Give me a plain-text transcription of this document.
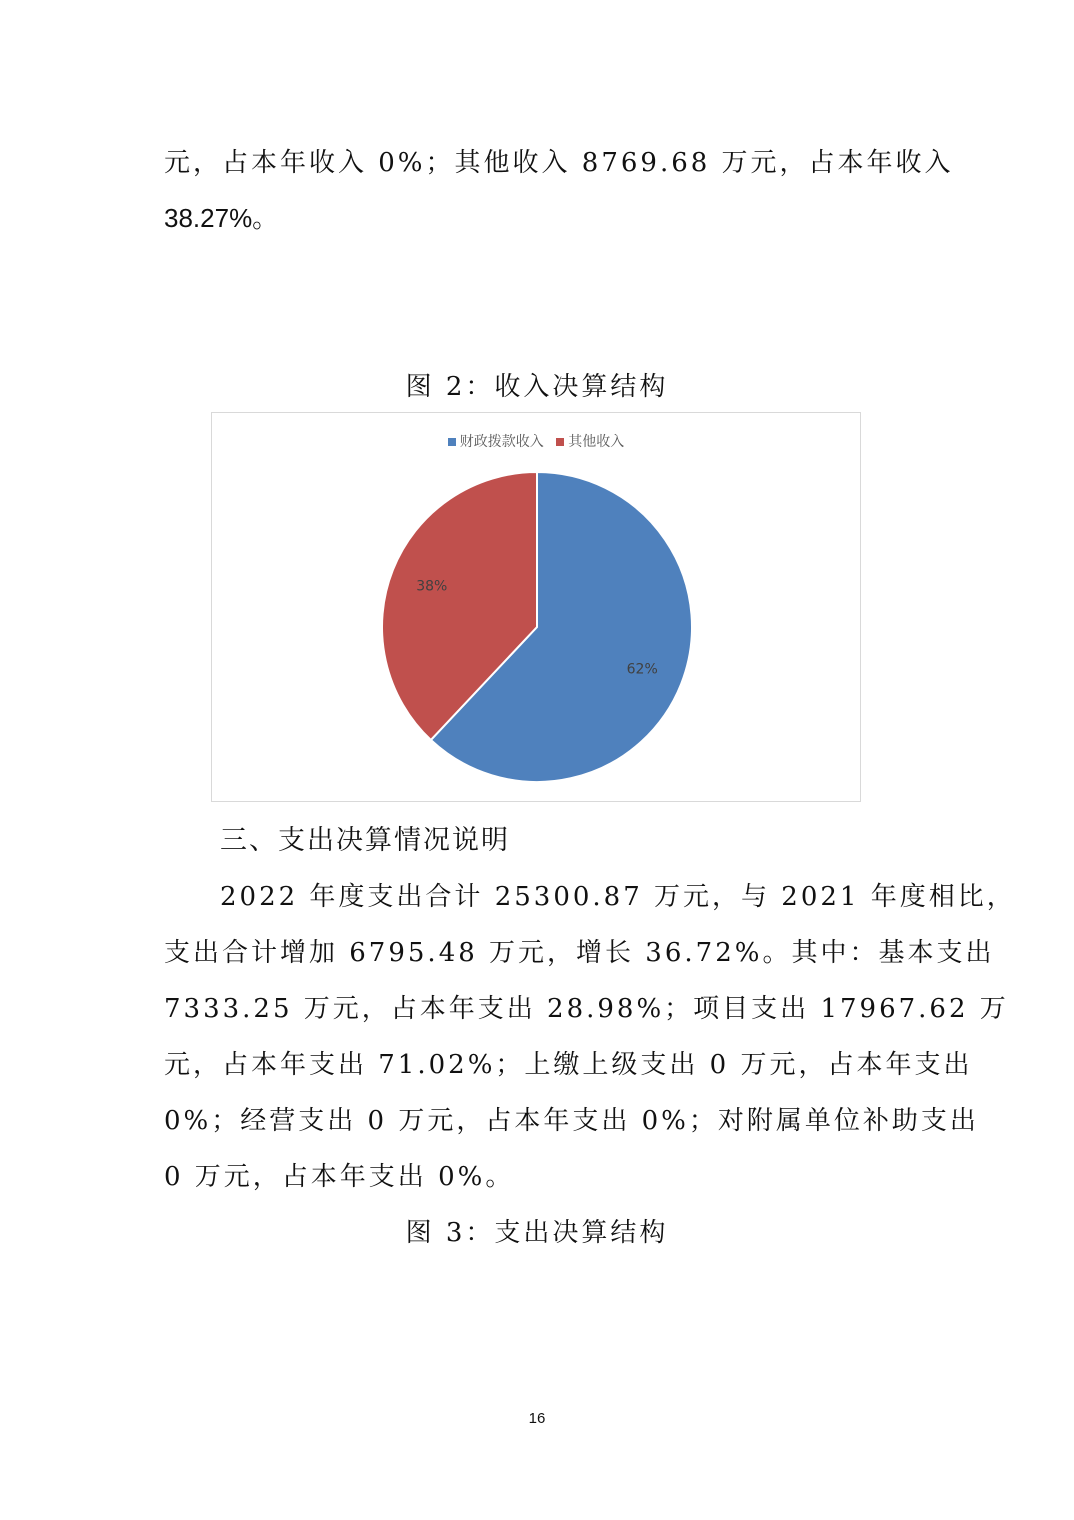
元，占本年收入 0%；其他收入 8769.68 万元，占本年收入
38.27%。
图 2：收入决算结构
财政拨款收入 其他收入
62%
38%
三、支出决算情况说明
2022 年度支出合计 25300.87 万元，与 2021 年度相比，
支出合计增加 6795.48 万元，增长 36.72%。其中：基本支出
7333.25 万元，占本年支出 28.98%；项目支出 17967.62 万
元，占本年支出 71.02%；上缴上级支出 0 万元，占本年支出
0%；经营支出 0 万元，占本年支出 0%；对附属单位补助支出
0 万元，占本年支出 0%。
图 3：支出决算结构
16
